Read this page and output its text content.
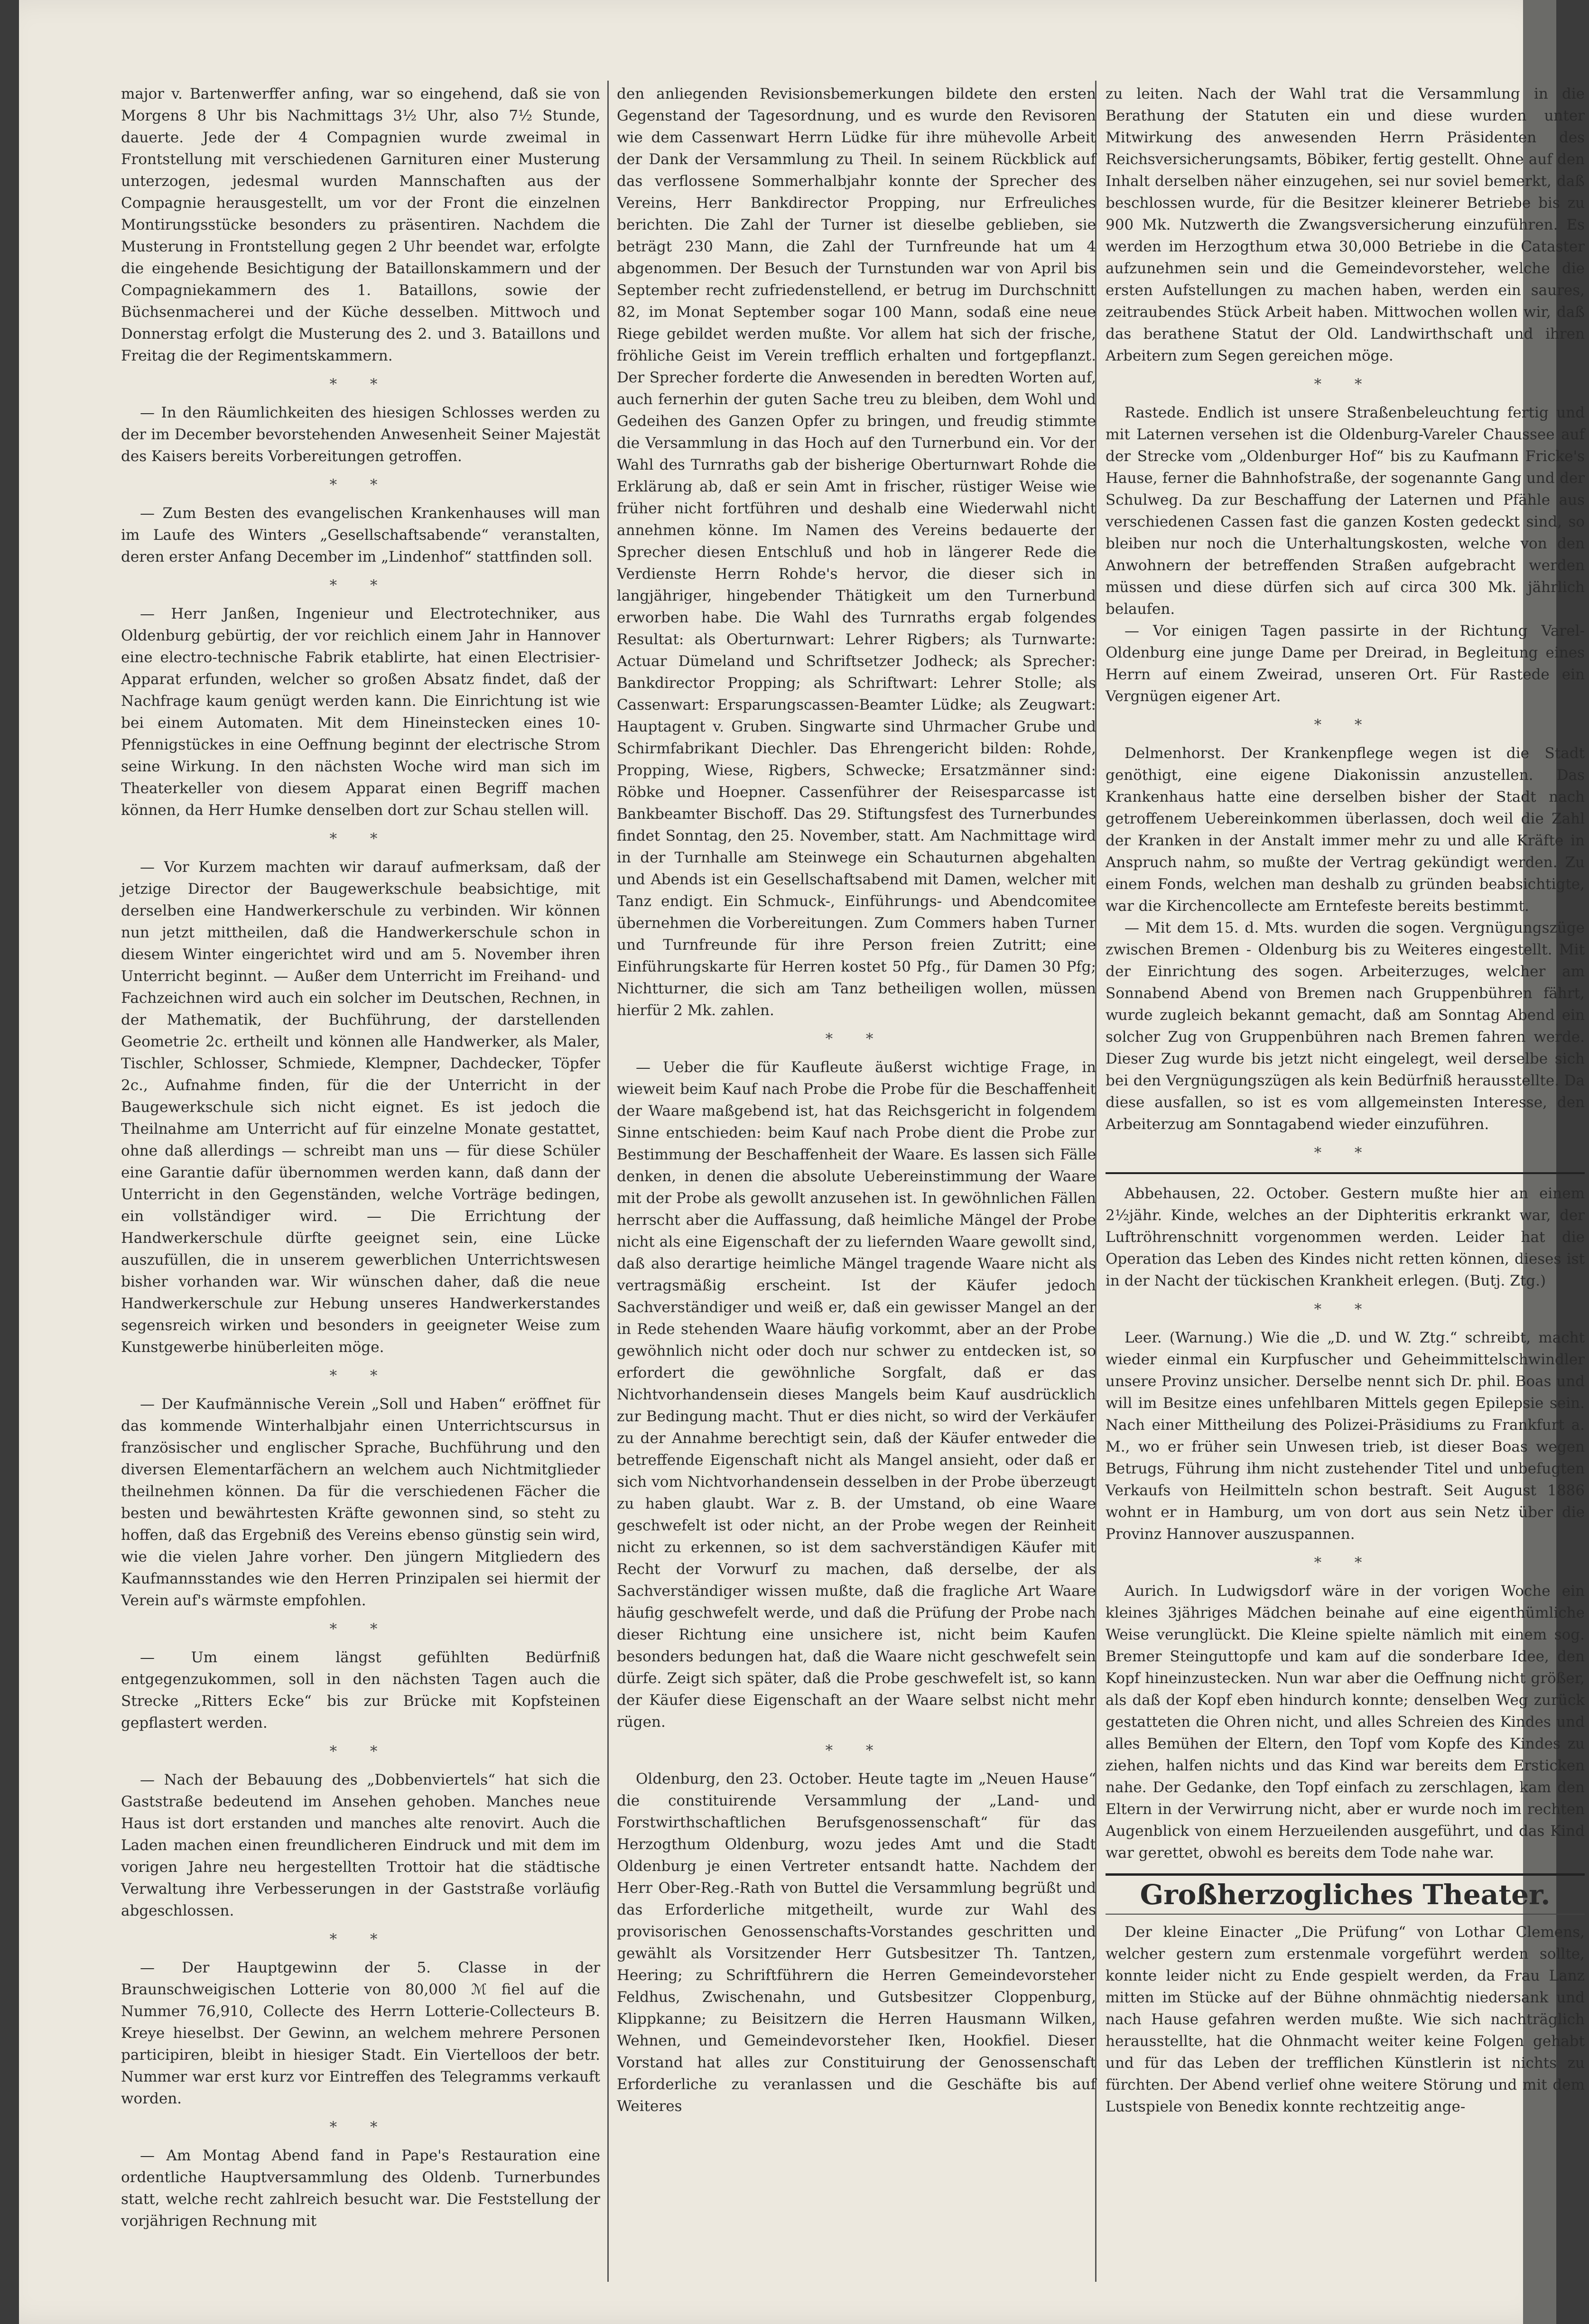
major v. Bartenwerffer anfing, war so eingehend, daß sie von Morgens 8 Uhr bis Nachmittags 3½ Uhr, also 7½ Stunde, dauerte. Jede der 4 Compagnien wurde zweimal in Frontstellung mit verschiedenen Garnituren einer Musterung unterzogen, jedesmal wurden Mannschaften aus der Compagnie herausgestellt, um vor der Front die einzelnen Montirungsstücke besonders zu präsentiren. Nachdem die Musterung in Frontstellung gegen 2 Uhr beendet war, erfolgte die eingehende Besichtigung der Bataillonskammern und der Compagniekammern des 1. Bataillons, sowie der Büchsenmacherei und der Küche desselben. Mittwoch und Donnerstag erfolgt die Musterung des 2. und 3. Bataillons und Freitag die der Regimentskammern.

* *

— In den Räumlichkeiten des hiesigen Schlosses werden zu der im December bevorstehenden Anwesenheit Seiner Majestät des Kaisers bereits Vorbereitungen getroffen.

* *

— Zum Besten des evangelischen Krankenhauses will man im Laufe des Winters „Gesellschaftsabende“ veranstalten, deren erster Anfang December im „Lindenhof“ stattfinden soll.

* *

— Herr Janßen, Ingenieur und Electrotechniker, aus Oldenburg gebürtig, der vor reichlich einem Jahr in Hannover eine electro-technische Fabrik etablirte, hat einen Electrisier-Apparat erfunden, welcher so großen Absatz findet, daß der Nachfrage kaum genügt werden kann. Die Einrichtung ist wie bei einem Automaten. Mit dem Hineinstecken eines 10-Pfennigstückes in eine Oeffnung beginnt der electrische Strom seine Wirkung. In den nächsten Woche wird man sich im Theaterkeller von diesem Apparat einen Begriff machen können, da Herr Humke denselben dort zur Schau stellen will.

* *

— Vor Kurzem machten wir darauf aufmerksam, daß der jetzige Director der Baugewerkschule beabsichtige, mit derselben eine Handwerkerschule zu verbinden. Wir können nun jetzt mittheilen, daß die Handwerkerschule schon in diesem Winter eingerichtet wird und am 5. November ihren Unterricht beginnt. — Außer dem Unterricht im Freihand- und Fachzeichnen wird auch ein solcher im Deutschen, Rechnen, in der Mathematik, der Buchführung, der darstellenden Geometrie 2c. ertheilt und können alle Handwerker, als Maler, Tischler, Schlosser, Schmiede, Klempner, Dachdecker, Töpfer 2c., Aufnahme finden, für die der Unterricht in der Baugewerkschule sich nicht eignet. Es ist jedoch die Theilnahme am Unterricht auf für einzelne Monate gestattet, ohne daß allerdings — schreibt man uns — für diese Schüler eine Garantie dafür übernommen werden kann, daß dann der Unterricht in den Gegenständen, welche Vorträge bedingen, ein vollständiger wird. — Die Errichtung der Handwerkerschule dürfte geeignet sein, eine Lücke auszufüllen, die in unserem gewerblichen Unterrichtswesen bisher vorhanden war. Wir wünschen daher, daß die neue Handwerkerschule zur Hebung unseres Handwerkerstandes segensreich wirken und besonders in geeigneter Weise zum Kunstgewerbe hinüberleiten möge.

* *

— Der Kaufmännische Verein „Soll und Haben“ eröffnet für das kommende Winterhalbjahr einen Unterrichtscursus in französischer und englischer Sprache, Buchführung und den diversen Elementarfächern an welchem auch Nichtmitglieder theilnehmen können. Da für die verschiedenen Fächer die besten und bewährtesten Kräfte gewonnen sind, so steht zu hoffen, daß das Ergebniß des Vereins ebenso günstig sein wird, wie die vielen Jahre vorher. Den jüngern Mitgliedern des Kaufmannsstandes wie den Herren Prinzipalen sei hiermit der Verein auf's wärmste empfohlen.

* *

— Um einem längst gefühlten Bedürfniß entgegenzukommen, soll in den nächsten Tagen auch die Strecke „Ritters Ecke“ bis zur Brücke mit Kopfsteinen gepflastert werden.

* *

— Nach der Bebauung des „Dobbenviertels“ hat sich die Gaststraße bedeutend im Ansehen gehoben. Manches neue Haus ist dort erstanden und manches alte renovirt. Auch die Laden machen einen freundlicheren Eindruck und mit dem im vorigen Jahre neu hergestellten Trottoir hat die städtische Verwaltung ihre Verbesserungen in der Gaststraße vorläufig abgeschlossen.

* *

— Der Hauptgewinn der 5. Classe in der Braunschweigischen Lotterie von 80,000 ℳ fiel auf die Nummer 76,910, Collecte des Herrn Lotterie-Collecteurs B. Kreye hieselbst. Der Gewinn, an welchem mehrere Personen participiren, bleibt in hiesiger Stadt. Ein Viertelloos der betr. Nummer war erst kurz vor Eintreffen des Telegramms verkauft worden.

* *

— Am Montag Abend fand in Pape's Restauration eine ordentliche Hauptversammlung des Oldenb. Turnerbundes statt, welche recht zahlreich besucht war. Die Feststellung der vorjährigen Rechnung mit

den anliegenden Revisionsbemerkungen bildete den ersten Gegenstand der Tagesordnung, und es wurde den Revisoren wie dem Cassenwart Herrn Lüdke für ihre mühevolle Arbeit der Dank der Versammlung zu Theil. In seinem Rückblick auf das verflossene Sommerhalbjahr konnte der Sprecher des Vereins, Herr Bankdirector Propping, nur Erfreuliches berichten. Die Zahl der Turner ist dieselbe geblieben, sie beträgt 230 Mann, die Zahl der Turnfreunde hat um 4 abgenommen. Der Besuch der Turnstunden war von April bis September recht zufriedenstellend, er betrug im Durchschnitt 82, im Monat September sogar 100 Mann, sodaß eine neue Riege gebildet werden mußte. Vor allem hat sich der frische, fröhliche Geist im Verein trefflich erhalten und fortgepflanzt. Der Sprecher forderte die Anwesenden in beredten Worten auf, auch fernerhin der guten Sache treu zu bleiben, dem Wohl und Gedeihen des Ganzen Opfer zu bringen, und freudig stimmte die Versammlung in das Hoch auf den Turnerbund ein. Vor der Wahl des Turnraths gab der bisherige Oberturnwart Rohde die Erklärung ab, daß er sein Amt in frischer, rüstiger Weise wie früher nicht fortführen und deshalb eine Wiederwahl nicht annehmen könne. Im Namen des Vereins bedauerte der Sprecher diesen Entschluß und hob in längerer Rede die Verdienste Herrn Rohde's hervor, die dieser sich in langjähriger, hingebender Thätigkeit um den Turnerbund erworben habe. Die Wahl des Turnraths ergab folgendes Resultat: als Oberturnwart: Lehrer Rigbers; als Turnwarte: Actuar Dümeland und Schriftsetzer Jodheck; als Sprecher: Bankdirector Propping; als Schriftwart: Lehrer Stolle; als Cassenwart: Ersparungscassen-Beamter Lüdke; als Zeugwart: Hauptagent v. Gruben. Singwarte sind Uhrmacher Grube und Schirmfabrikant Diechler. Das Ehrengericht bilden: Rohde, Propping, Wiese, Rigbers, Schwecke; Ersatzmänner sind: Röbke und Hoepner. Cassenführer der Reisesparcasse ist Bankbeamter Bischoff. Das 29. Stiftungsfest des Turnerbundes findet Sonntag, den 25. November, statt. Am Nachmittage wird in der Turnhalle am Steinwege ein Schauturnen abgehalten und Abends ist ein Gesellschaftsabend mit Damen, welcher mit Tanz endigt. Ein Schmuck-, Einführungs- und Abendcomitee übernehmen die Vorbereitungen. Zum Commers haben Turner und Turnfreunde für ihre Person freien Zutritt; eine Einführungskarte für Herren kostet 50 Pfg., für Damen 30 Pfg; Nichtturner, die sich am Tanz betheiligen wollen, müssen hierfür 2 Mk. zahlen.

* *

— Ueber die für Kaufleute äußerst wichtige Frage, in wieweit beim Kauf nach Probe die Probe für die Beschaffenheit der Waare maßgebend ist, hat das Reichsgericht in folgendem Sinne entschieden: beim Kauf nach Probe dient die Probe zur Bestimmung der Beschaffenheit der Waare. Es lassen sich Fälle denken, in denen die absolute Uebereinstimmung der Waare mit der Probe als gewollt anzusehen ist. In gewöhnlichen Fällen herrscht aber die Auffassung, daß heimliche Mängel der Probe nicht als eine Eigenschaft der zu liefernden Waare gewollt sind, daß also derartige heimliche Mängel tragende Waare nicht als vertragsmäßig erscheint. Ist der Käufer jedoch Sachverständiger und weiß er, daß ein gewisser Mangel an der in Rede stehenden Waare häufig vorkommt, aber an der Probe gewöhnlich nicht oder doch nur schwer zu entdecken ist, so erfordert die gewöhnliche Sorgfalt, daß er das Nichtvorhandensein dieses Mangels beim Kauf ausdrücklich zur Bedingung macht. Thut er dies nicht, so wird der Verkäufer zu der Annahme berechtigt sein, daß der Käufer entweder die betreffende Eigenschaft nicht als Mangel ansieht, oder daß er sich vom Nichtvorhandensein desselben in der Probe überzeugt zu haben glaubt. War z. B. der Umstand, ob eine Waare geschwefelt ist oder nicht, an der Probe wegen der Reinheit nicht zu erkennen, so ist dem sachverständigen Käufer mit Recht der Vorwurf zu machen, daß derselbe, der als Sachverständiger wissen mußte, daß die fragliche Art Waare häufig geschwefelt werde, und daß die Prüfung der Probe nach dieser Richtung eine unsichere ist, nicht beim Kaufen besonders bedungen hat, daß die Waare nicht geschwefelt sein dürfe. Zeigt sich später, daß die Probe geschwefelt ist, so kann der Käufer diese Eigenschaft an der Waare selbst nicht mehr rügen.

* *

Oldenburg, den 23. October. Heute tagte im „Neuen Hause“ die constituirende Versammlung der „Land- und Forstwirthschaftlichen Berufsgenossenschaft“ für das Herzogthum Oldenburg, wozu jedes Amt und die Stadt Oldenburg je einen Vertreter entsandt hatte. Nachdem der Herr Ober-Reg.-Rath von Buttel die Versammlung begrüßt und das Erforderliche mitgetheilt, wurde zur Wahl des provisorischen Genossenschafts-Vorstandes geschritten und gewählt als Vorsitzender Herr Gutsbesitzer Th. Tantzen, Heering; zu Schriftführern die Herren Gemeindevorsteher Feldhus, Zwischenahn, und Gutsbesitzer Cloppenburg, Klippkanne; zu Beisitzern die Herren Hausmann Wilken, Wehnen, und Gemeindevorsteher Iken, Hookfiel. Dieser Vorstand hat alles zur Constituirung der Genossenschaft Erforderliche zu veranlassen und die Geschäfte bis auf Weiteres

zu leiten. Nach der Wahl trat die Versammlung in die Berathung der Statuten ein und diese wurden unter Mitwirkung des anwesenden Herrn Präsidenten des Reichsversicherungsamts, Böbiker, fertig gestellt. Ohne auf den Inhalt derselben näher einzugehen, sei nur soviel bemerkt, daß beschlossen wurde, für die Besitzer kleinerer Betriebe bis zu 900 Mk. Nutzwerth die Zwangsversicherung einzuführen. Es werden im Herzogthum etwa 30,000 Betriebe in die Cataster aufzunehmen sein und die Gemeindevorsteher, welche die ersten Aufstellungen zu machen haben, werden ein saures, zeitraubendes Stück Arbeit haben. Mittwochen wollen wir, daß das berathene Statut der Old. Landwirthschaft und ihren Arbeitern zum Segen gereichen möge.

* *

Rastede. Endlich ist unsere Straßenbeleuchtung fertig und mit Laternen versehen ist die Oldenburg-Vareler Chaussee auf der Strecke vom „Oldenburger Hof“ bis zu Kaufmann Fricke's Hause, ferner die Bahnhofstraße, der sogenannte Gang und der Schulweg. Da zur Beschaffung der Laternen und Pfähle aus verschiedenen Cassen fast die ganzen Kosten gedeckt sind, so bleiben nur noch die Unterhaltungskosten, welche von den Anwohnern der betreffenden Straßen aufgebracht werden müssen und diese dürfen sich auf circa 300 Mk. jährlich belaufen.

— Vor einigen Tagen passirte in der Richtung Varel-Oldenburg eine junge Dame per Dreirad, in Begleitung eines Herrn auf einem Zweirad, unseren Ort. Für Rastede ein Vergnügen eigener Art.

* *

Delmenhorst. Der Krankenpflege wegen ist die Stadt genöthigt, eine eigene Diakonissin anzustellen. Das Krankenhaus hatte eine derselben bisher der Stadt nach getroffenem Uebereinkommen überlassen, doch weil die Zahl der Kranken in der Anstalt immer mehr zu und alle Kräfte in Anspruch nahm, so mußte der Vertrag gekündigt werden. Zu einem Fonds, welchen man deshalb zu gründen beabsichtigte, war die Kirchencollecte am Erntefeste bereits bestimmt.

— Mit dem 15. d. Mts. wurden die sogen. Vergnügungszüge zwischen Bremen - Oldenburg bis zu Weiteres eingestellt. Mit der Einrichtung des sogen. Arbeiterzuges, welcher am Sonnabend Abend von Bremen nach Gruppenbühren fährt, wurde zugleich bekannt gemacht, daß am Sonntag Abend ein solcher Zug von Gruppenbühren nach Bremen fahren werde. Dieser Zug wurde bis jetzt nicht eingelegt, weil derselbe sich bei den Vergnügungszügen als kein Bedürfniß herausstellte. Da diese ausfallen, so ist es vom allgemeinsten Interesse, den Arbeiterzug am Sonntagabend wieder einzuführen.

* *

Abbehausen, 22. October. Gestern mußte hier an einem 2½jähr. Kinde, welches an der Diphteritis erkrankt war, der Luftröhrenschnitt vorgenommen werden. Leider hat die Operation das Leben des Kindes nicht retten können, dieses ist in der Nacht der tückischen Krankheit erlegen. (Butj. Ztg.)

* *

Leer. (Warnung.) Wie die „D. und W. Ztg.“ schreibt, macht wieder einmal ein Kurpfuscher und Geheimmittelschwindler unsere Provinz unsicher. Derselbe nennt sich Dr. phil. Boas und will im Besitze eines unfehlbaren Mittels gegen Epilepsie sein. Nach einer Mittheilung des Polizei-Präsidiums zu Frankfurt a. M., wo er früher sein Unwesen trieb, ist dieser Boas wegen Betrugs, Führung ihm nicht zustehender Titel und unbefugten Verkaufs von Heilmitteln schon bestraft. Seit August 1886 wohnt er in Hamburg, um von dort aus sein Netz über die Provinz Hannover auszuspannen.

* *

Aurich. In Ludwigsdorf wäre in der vorigen Woche ein kleines 3jähriges Mädchen beinahe auf eine eigenthümliche Weise verunglückt. Die Kleine spielte nämlich mit einem sog. Bremer Steinguttopfe und kam auf die sonderbare Idee, den Kopf hineinzustecken. Nun war aber die Oeffnung nicht größer, als daß der Kopf eben hindurch konnte; denselben Weg zurück gestatteten die Ohren nicht, und alles Schreien des Kindes und alles Bemühen der Eltern, den Topf vom Kopfe des Kindes zu ziehen, halfen nichts und das Kind war bereits dem Ersticken nahe. Der Gedanke, den Topf einfach zu zerschlagen, kam den Eltern in der Verwirrung nicht, aber er wurde noch im rechten Augenblick von einem Herzueilenden ausgeführt, und das Kind war gerettet, obwohl es bereits dem Tode nahe war.

Großherzogliches Theater.

Der kleine Einacter „Die Prüfung“ von Lothar Clemens, welcher gestern zum erstenmale vorgeführt werden sollte, konnte leider nicht zu Ende gespielt werden, da Frau Lanz mitten im Stücke auf der Bühne ohnmächtig niedersank und nach Hause gefahren werden mußte. Wie sich nachträglich herausstellte, hat die Ohnmacht weiter keine Folgen gehabt und für das Leben der trefflichen Künstlerin ist nichts zu fürchten. Der Abend verlief ohne weitere Störung und mit dem Lustspiele von Benedix konnte rechtzeitig ange-
